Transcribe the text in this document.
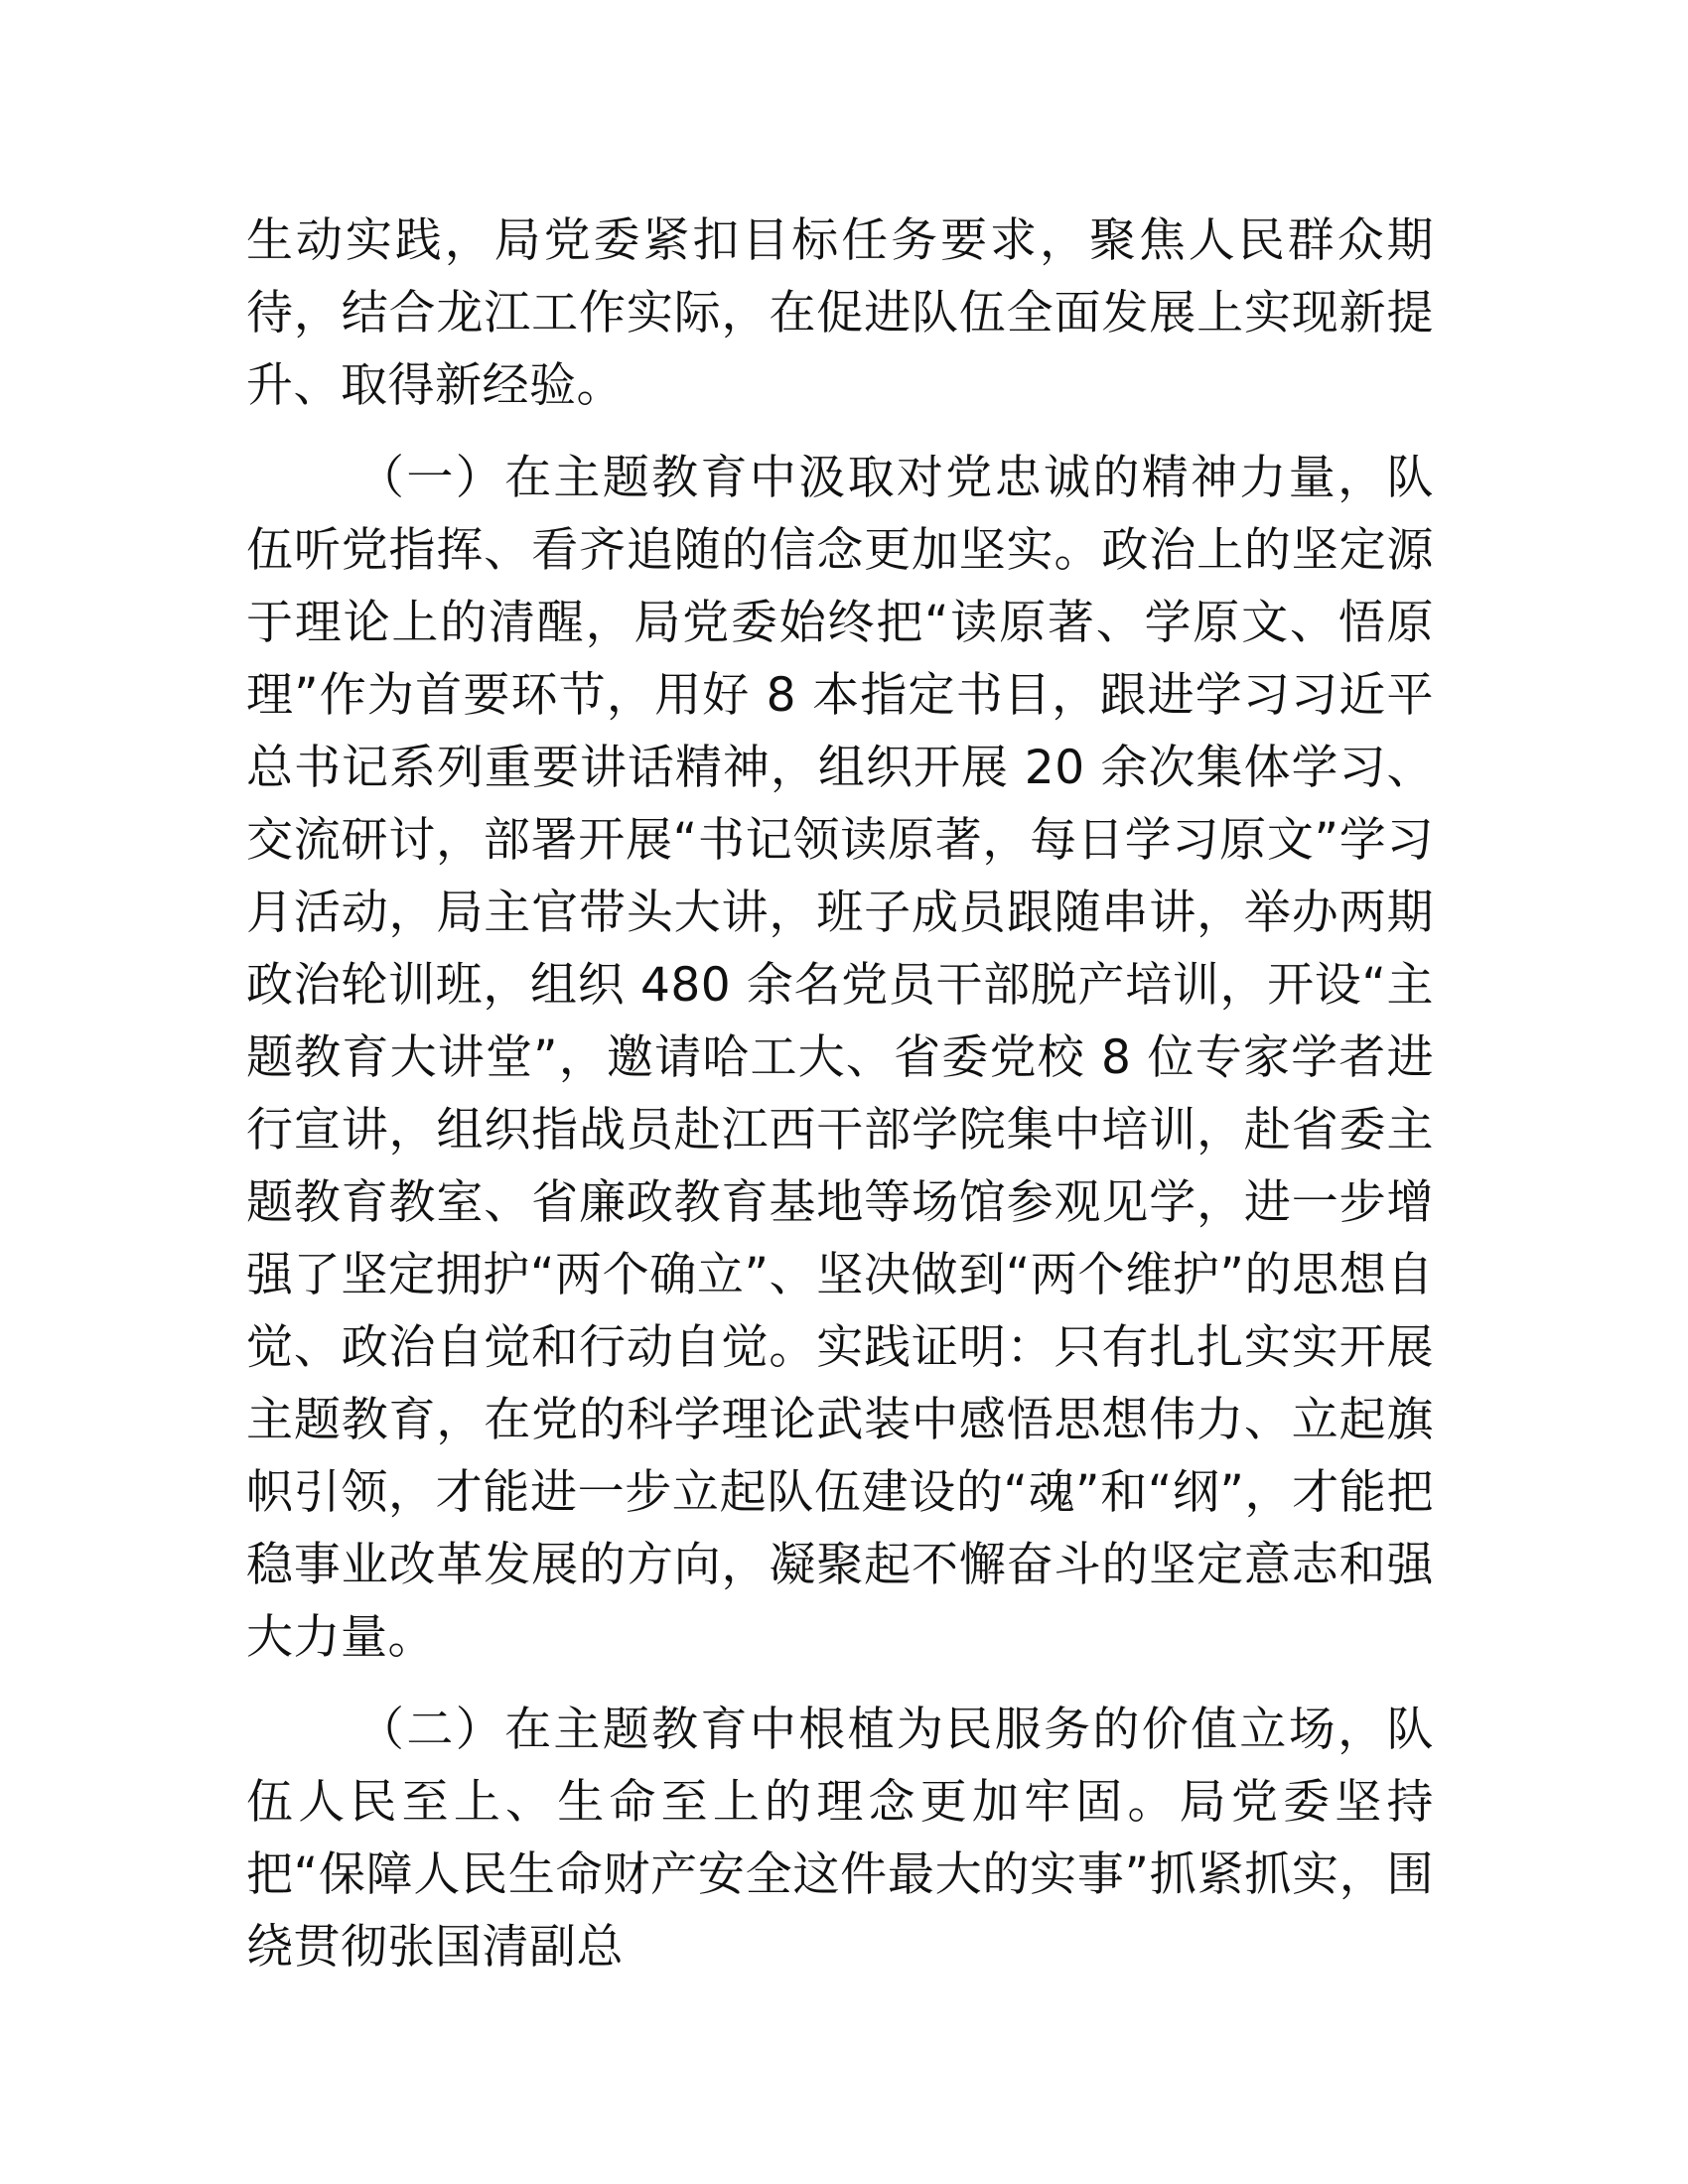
生动实践，局党委紧扣目标任务要求，聚焦人民群众期待，结合龙江工作实际，在促进队伍全面发展上实现新提升、取得新经验。

（一）在主题教育中汲取对党忠诚的精神力量，队伍听党指挥、看齐追随的信念更加坚实。政治上的坚定源于理论上的清醒，局党委始终把“读原著、学原文、悟原理”作为首要环节，用好 8 本指定书目，跟进学习习近平总书记系列重要讲话精神，组织开展 20 余次集体学习、交流研讨，部署开展“书记领读原著，每日学习原文”学习月活动，局主官带头大讲，班子成员跟随串讲，举办两期政治轮训班，组织 480 余名党员干部脱产培训，开设“主题教育大讲堂”，邀请哈工大、省委党校 8 位专家学者进行宣讲，组织指战员赴江西干部学院集中培训，赴省委主题教育教室、省廉政教育基地等场馆参观见学，进一步增强了坚定拥护“两个确立”、坚决做到“两个维护”的思想自觉、政治自觉和行动自觉。实践证明：只有扎扎实实开展主题教育，在党的科学理论武装中感悟思想伟力、立起旗帜引领，才能进一步立起队伍建设的“魂”和“纲”，才能把稳事业改革发展的方向，凝聚起不懈奋斗的坚定意志和强大力量。

（二）在主题教育中根植为民服务的价值立场，队伍人民至上、生命至上的理念更加牢固。局党委坚持把“保障人民生命财产安全这件最大的实事”抓紧抓实，围绕贯彻张国清副总
